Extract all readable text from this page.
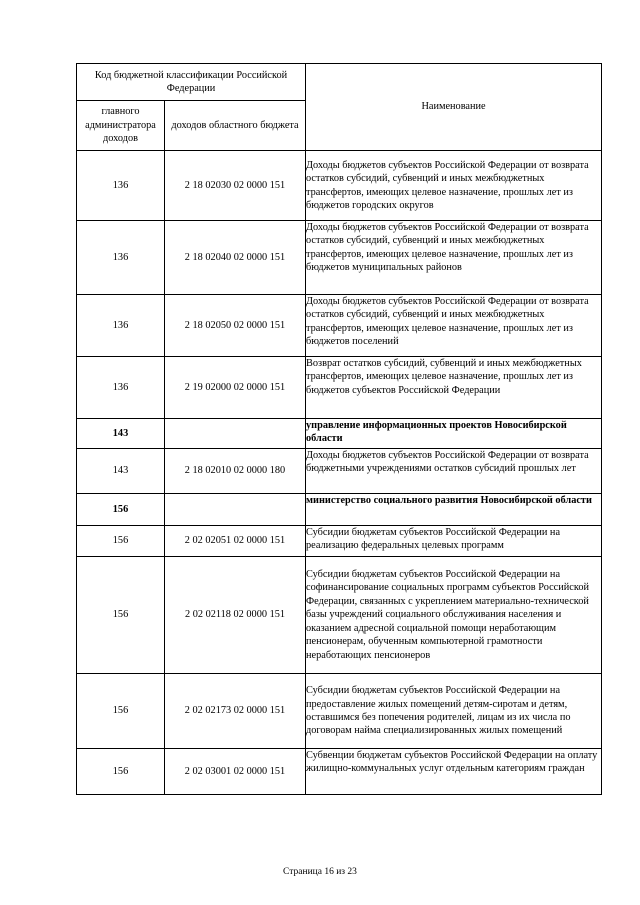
Код бюджетной классификации Российской Федерации		Наименование
главного администратора доходов	доходов областного бюджета	
136	2 18 02030 02 0000 151	Доходы бюджетов субъектов Российской Федерации от возврата остатков субсидий, субвенций и иных межбюджетных трансфертов, имеющих целевое назначение, прошлых лет из бюджетов городских округов
136	2 18 02040 02 0000 151	Доходы бюджетов субъектов Российской Федерации от возврата остатков субсидий, субвенций и иных межбюджетных трансфертов, имеющих целевое назначение, прошлых лет из бюджетов муниципальных районов
136	2 18 02050 02 0000 151	Доходы бюджетов субъектов Российской Федерации от возврата остатков субсидий, субвенций и иных межбюджетных трансфертов, имеющих целевое назначение, прошлых лет из бюджетов поселений
136	2 19 02000 02 0000 151	Возврат остатков субсидий, субвенций и иных межбюджетных трансфертов, имеющих целевое назначение, прошлых лет из бюджетов субъектов Российской Федерации
143		управление информационных проектов Новосибирской области
143	2 18 02010 02 0000 180	Доходы бюджетов субъектов Российской Федерации от возврата бюджетными учреждениями остатков субсидий прошлых лет
156		министерство социального развития Новосибирской области
156	2 02 02051 02 0000 151	Субсидии бюджетам субъектов Российской Федерации на реализацию федеральных целевых программ
156	2 02 02118 02 0000 151	Субсидии бюджетам субъектов Российской Федерации на софинансирование социальных программ субъектов Российской Федерации, связанных с укреплением материально-технической базы учреждений социального обслуживания населения и оказанием адресной социальной помощи неработающим пенсионерам, обученным компьютерной грамотности неработающих пенсионеров
156	2 02 02173 02 0000 151	Субсидии бюджетам субъектов Российской Федерации на предоставление жилых помещений детям-сиротам и детям, оставшимся без попечения родителей, лицам из их числа по договорам найма специализированных жилых помещений
156	2 02 03001 02 0000 151	Субвенции бюджетам субъектов Российской Федерации на оплату жилищно-коммунальных услуг отдельным категориям граждан
Страница 16 из 23
